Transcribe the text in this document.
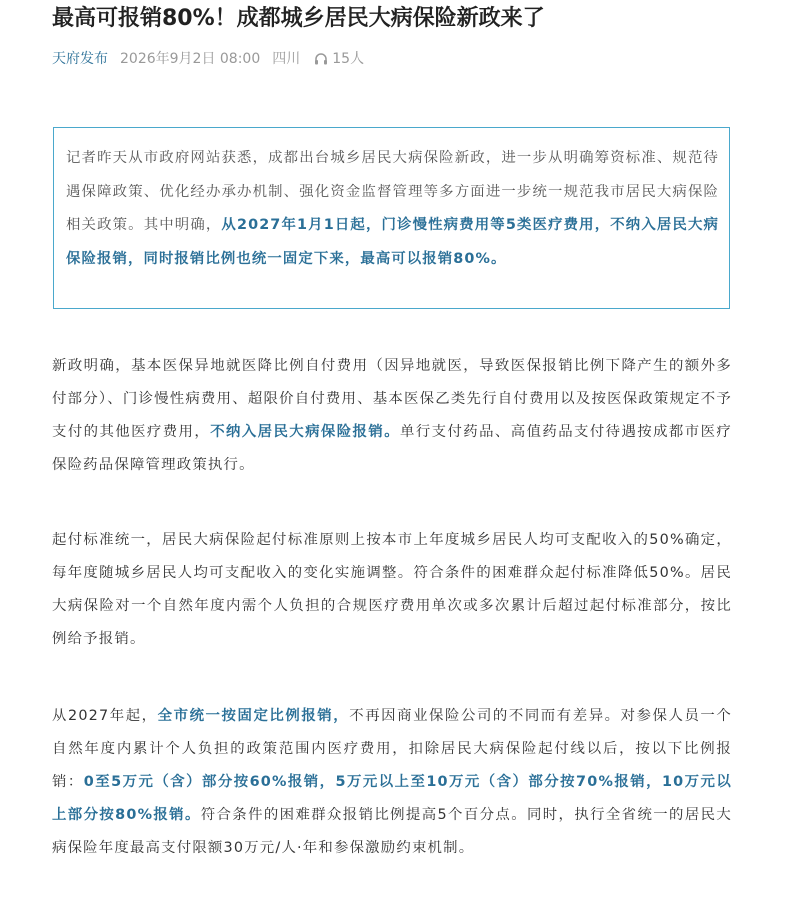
最高可报销80%！成都城乡居民大病保险新政来了
天府发布 2026年9月2日 08:00 四川 15人

记者昨天从市政府网站获悉，成都出台城乡居民大病保险新政，进一步从明确筹资标准、规范待遇保障政策、优化经办承办机制、强化资金监督管理等多方面进一步统一规范我市居民大病保险相关政策。其中明确，从2027年1月1日起，门诊慢性病费用等5类医疗费用，不纳入居民大病保险报销，同时报销比例也统一固定下来，最高可以报销80%。

新政明确，基本医保异地就医降比例自付费用（因异地就医，导致医保报销比例下降产生的额外多付部分）、门诊慢性病费用、超限价自付费用、基本医保乙类先行自付费用以及按医保政策规定不予支付的其他医疗费用，不纳入居民大病保险报销。单行支付药品、高值药品支付待遇按成都市医疗保险药品保障管理政策执行。

起付标准统一，居民大病保险起付标准原则上按本市上年度城乡居民人均可支配收入的50%确定，每年度随城乡居民人均可支配收入的变化实施调整。符合条件的困难群众起付标准降低50%。居民大病保险对一个自然年度内需个人负担的合规医疗费用单次或多次累计后超过起付标准部分，按比例给予报销。

从2027年起，全市统一按固定比例报销，不再因商业保险公司的不同而有差异。对参保人员一个自然年度内累计个人负担的政策范围内医疗费用，扣除居民大病保险起付线以后，按以下比例报销：0至5万元（含）部分按60%报销，5万元以上至10万元（含）部分按70%报销，10万元以上部分按80%报销。符合条件的困难群众报销比例提高5个百分点。同时，执行全省统一的居民大病保险年度最高支付限额30万元/人·年和参保激励约束机制。
